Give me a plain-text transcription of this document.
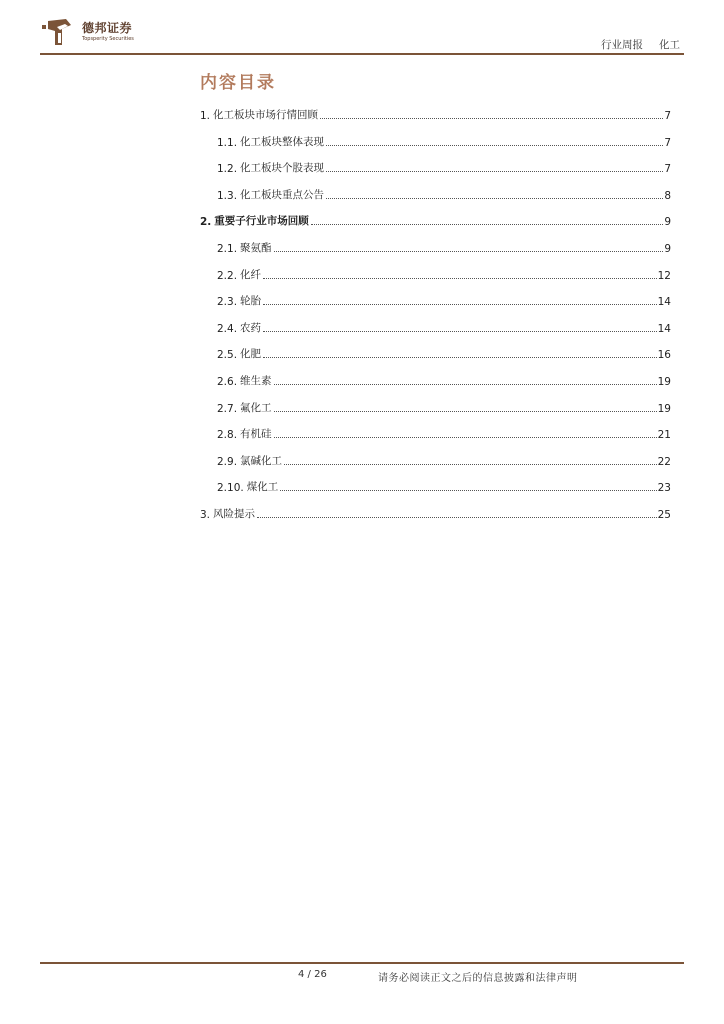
德邦证券
Topsperity Securities	行业周报 化工
内容目录
1. 化工板块市场行情回顾	7
1.1. 化工板块整体表现	7
1.2. 化工板块个股表现	7
1.3. 化工板块重点公告	8
2. 重要子行业市场回顾	9
2.1. 聚氨酯	9
2.2. 化纤	12
2.3. 轮胎	14
2.4. 农药	14
2.5. 化肥	16
2.6. 维生素	19
2.7. 氟化工	19
2.8. 有机硅	21
2.9. 氯碱化工	22
2.10. 煤化工	23
3. 风险提示	25
4 / 26	请务必阅读正文之后的信息披露和法律声明
